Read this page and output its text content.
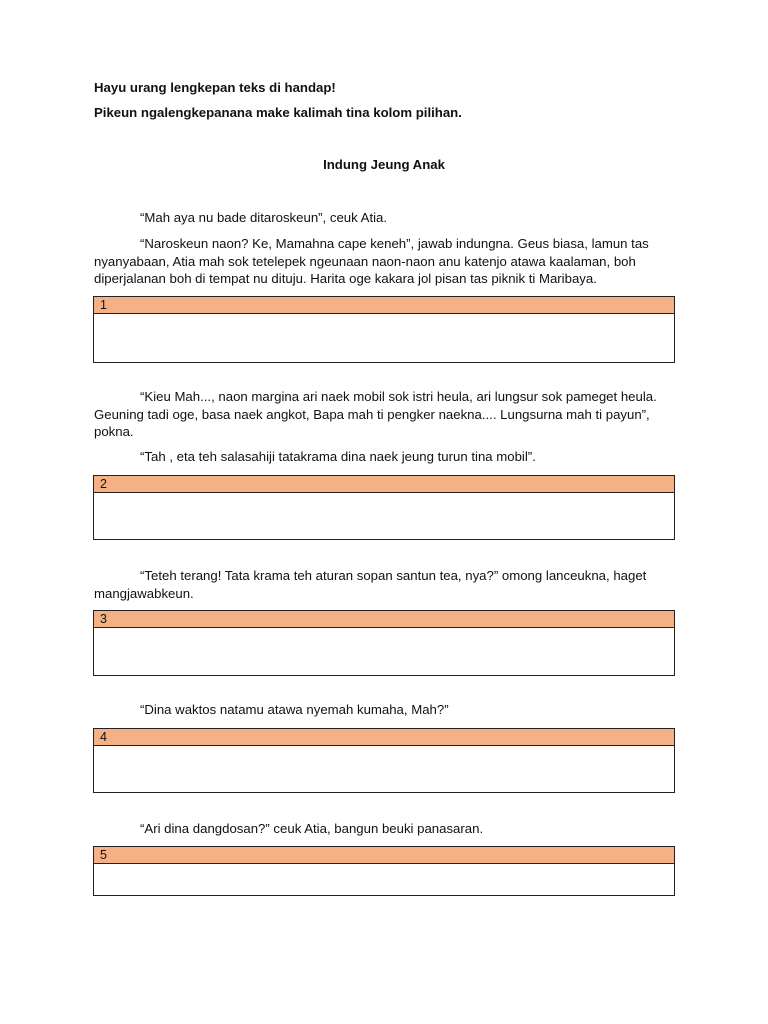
Hayu urang lengkepan teks di handap!
Pikeun ngalengkepanana make kalimah tina kolom pilihan.
Indung Jeung Anak
“Mah aya nu bade ditaroskeun”, ceuk Atia.
“Naroskeun naon? Ke, Mamahna cape keneh”, jawab indungna. Geus biasa, lamun tas nyanyabaan, Atia mah sok tetelepek ngeunaan naon-naon anu katenjo atawa kaalaman, boh diperjalanan boh di tempat nu dituju. Harita oge kakara jol pisan tas piknik ti Maribaya.
1
“Kieu Mah..., naon margina ari naek mobil sok istri heula, ari lungsur sok pameget heula. Geuning tadi oge, basa naek angkot, Bapa mah ti pengker naekna.... Lungsurna mah ti payun”, pokna.
“Tah , eta teh salasahiji tatakrama dina naek jeung turun tina mobil”.
2
“Teteh terang! Tata krama teh aturan sopan santun tea, nya?” omong lanceukna, haget mangjawabkeun.
3
“Dina waktos natamu atawa nyemah kumaha, Mah?”
4
“Ari dina dangdosan?” ceuk Atia, bangun beuki panasaran.
5
